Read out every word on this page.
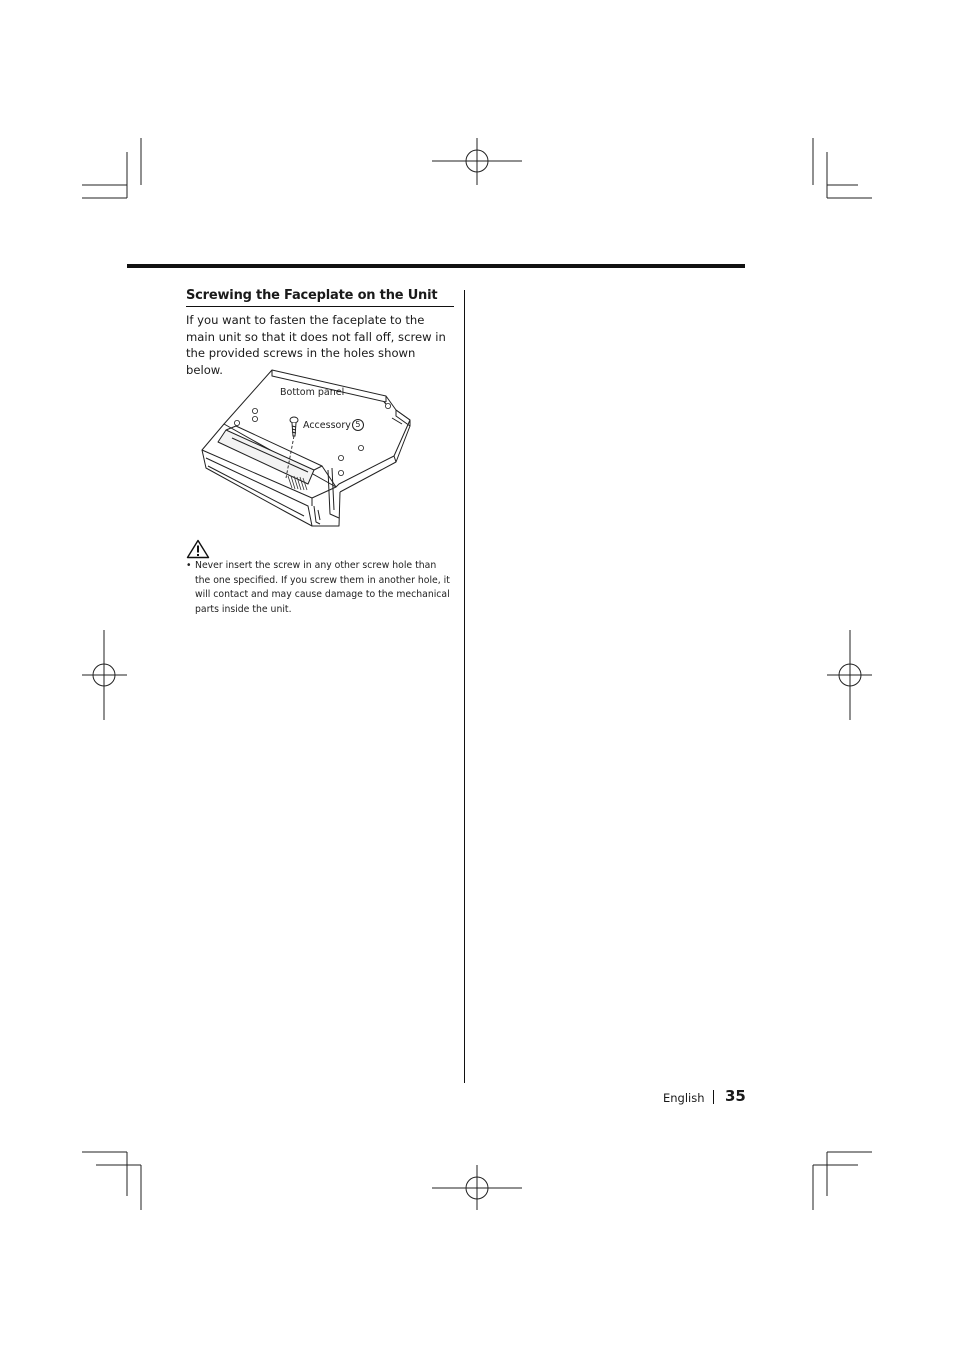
Screwing the Faceplate on the Unit
If you want to fasten the faceplate to the main unit so that it does not fall off, screw in the provided screws in the holes shown below.
Bottom panel
Accessory 5
• Never insert the screw in any other screw hole than the one specified. If you screw them in another hole, it will contact and may cause damage to the mechanical parts inside the unit.
English 35
